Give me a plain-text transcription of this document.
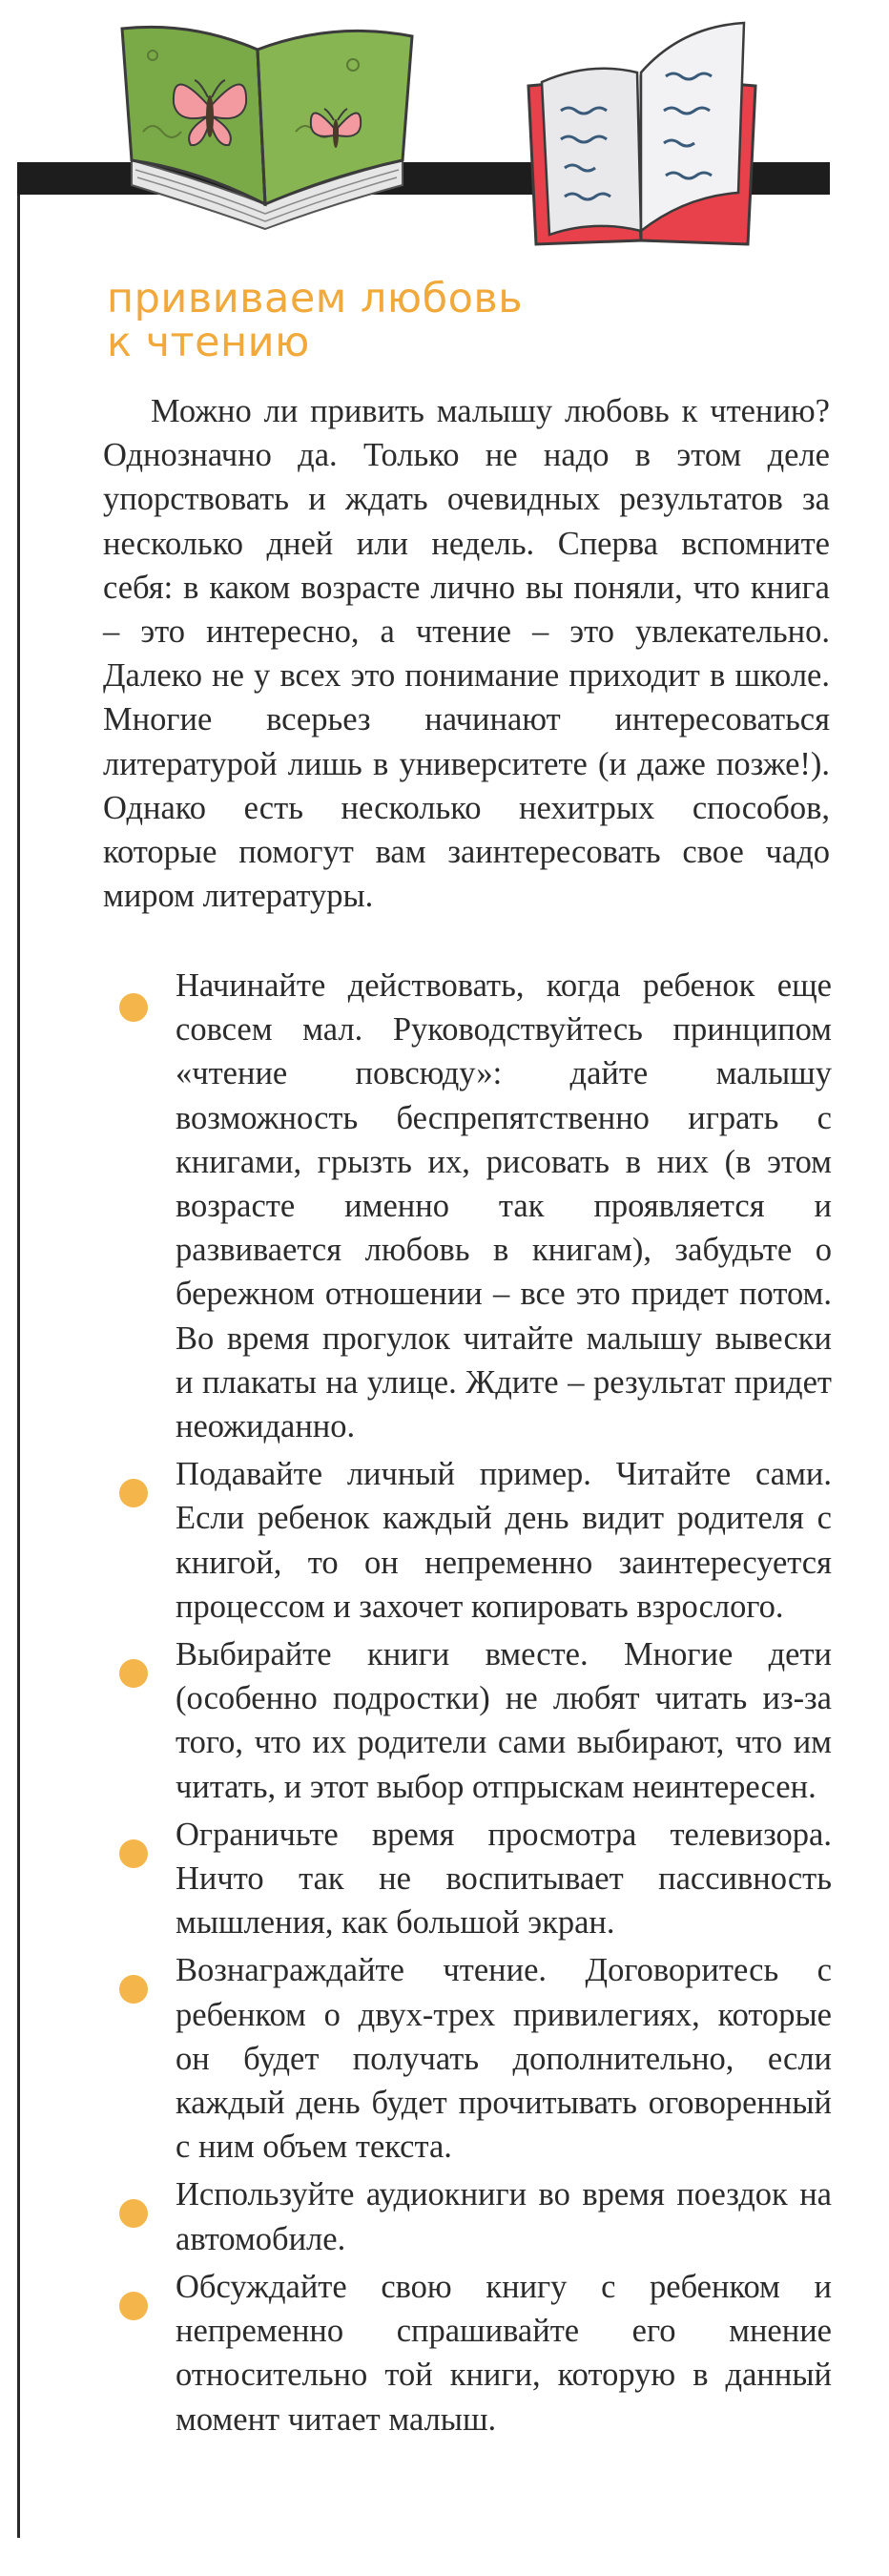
прививаем любовь
к чтению

Можно ли привить малышу любовь к чтению? Однозначно да. Только не надо в этом деле упорствовать и ждать очевидных результатов за несколько дней или недель. Сперва вспомните себя: в каком возрасте лично вы поняли, что книга – это интересно, а чтение – это увлекательно. Далеко не у всех это понимание приходит в школе. Многие всерьез начинают интересоваться литературой лишь в университете (и даже позже!). Однако есть несколько нехитрых способов, которые помогут вам заинтересовать свое чадо миром литературы.

Начинайте действовать, когда ребенок еще совсем мал. Руководствуйтесь принципом «чтение повсюду»: дайте малышу возможность беспрепятственно играть с книгами, грызть их, рисовать в них (в этом возрасте именно так проявляется и развивается любовь в книгам), забудьте о бережном отношении – все это придет потом. Во время прогулок читайте малышу вывески и плакаты на улице. Ждите – результат придет неожиданно.

Подавайте личный пример. Читайте сами. Если ребенок каждый день видит родителя с книгой, то он непременно заинтересуется процессом и захочет копировать взрослого.

Выбирайте книги вместе. Многие дети (особенно подростки) не любят читать из-за того, что их родители сами выбирают, что им читать, и этот выбор отпрыскам неинтересен.

Ограничьте время просмотра телевизора. Ничто так не воспитывает пассивность мышления, как большой экран.

Вознаграждайте чтение. Договоритесь с ребенком о двух-трех привилегиях, которые он будет получать дополнительно, если каждый день будет прочитывать оговоренный с ним объем текста.

Используйте аудиокниги во время поездок на автомобиле.

Обсуждайте свою книгу с ребенком и непременно спрашивайте его мнение относительно той книги, которую в данный момент читает малыш.
